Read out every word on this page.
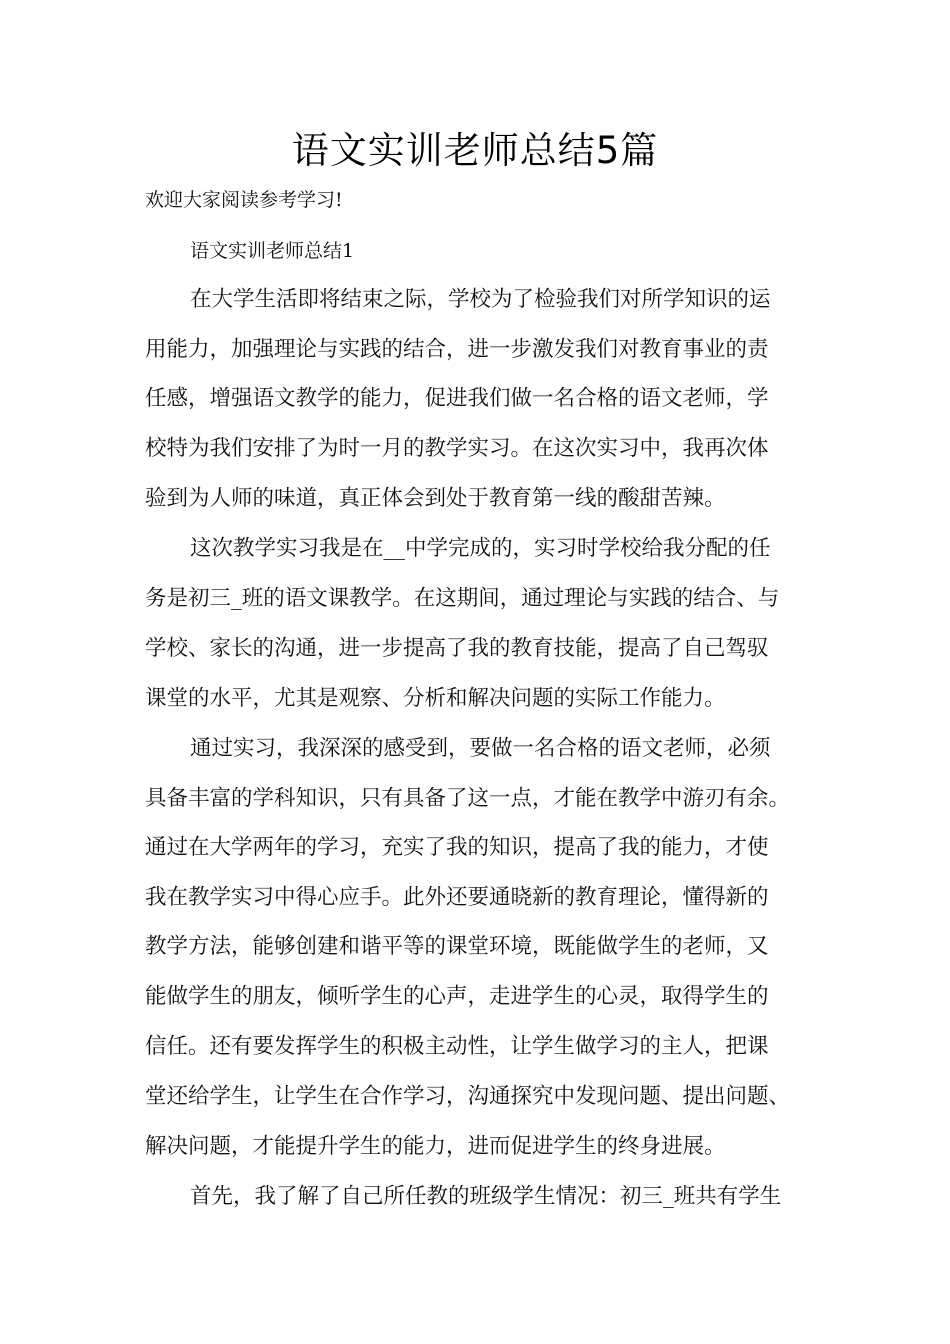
语文实训老师总结5篇
欢迎大家阅读参考学习!
语文实训老师总结1
在大学生活即将结束之际，学校为了检验我们对所学知识的运
用能力，加强理论与实践的结合，进一步激发我们对教育事业的责
任感，增强语文教学的能力，促进我们做一名合格的语文老师，学
校特为我们安排了为时一月的教学实习。在这次实习中，我再次体
验到为人师的味道，真正体会到处于教育第一线的酸甜苦辣。
这次教学实习我是在__中学完成的，实习时学校给我分配的任
务是初三_班的语文课教学。在这期间，通过理论与实践的结合、与
学校、家长的沟通，进一步提高了我的教育技能，提高了自己驾驭
课堂的水平，尤其是观察、分析和解决问题的实际工作能力。
通过实习，我深深的感受到，要做一名合格的语文老师，必须
具备丰富的学科知识，只有具备了这一点，才能在教学中游刃有余。
通过在大学两年的学习，充实了我的知识，提高了我的能力，才使
我在教学实习中得心应手。此外还要通晓新的教育理论，懂得新的
教学方法，能够创建和谐平等的课堂环境，既能做学生的老师，又
能做学生的朋友，倾听学生的心声，走进学生的心灵，取得学生的
信任。还有要发挥学生的积极主动性，让学生做学习的主人，把课
堂还给学生，让学生在合作学习，沟通探究中发现问题、提出问题、
解决问题，才能提升学生的能力，进而促进学生的终身进展。
首先，我了解了自己所任教的班级学生情况：初三_班共有学生
